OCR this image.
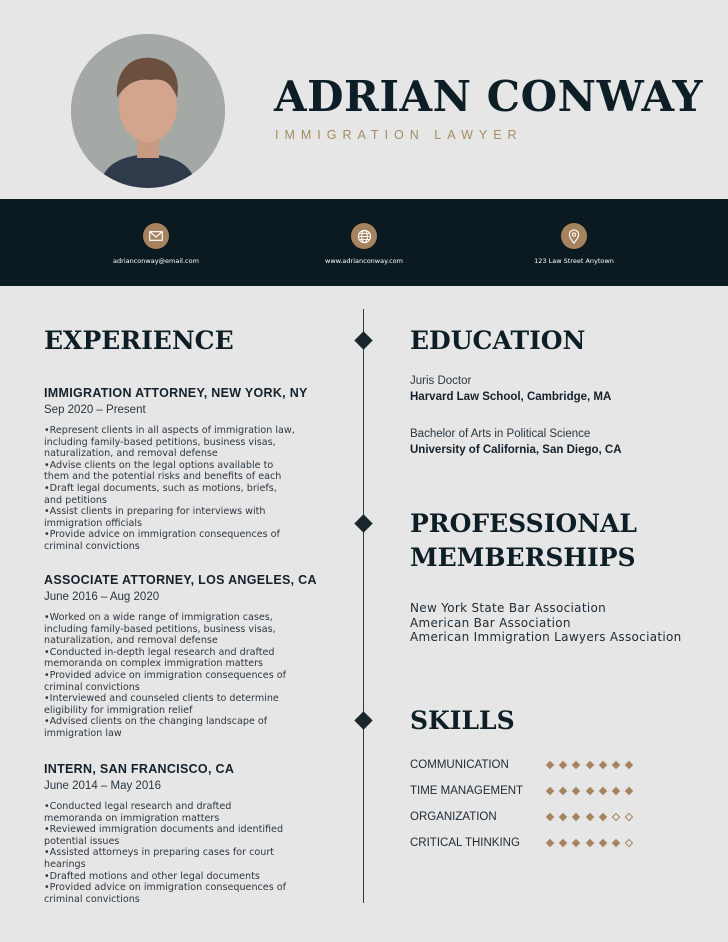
ADRIAN CONWAY
IMMIGRATION LAWYER
adrianconway@email.com	www.adrianconway.com	123 Law Street Anytown
EXPERIENCE
IMMIGRATION ATTORNEY, NEW YORK, NY
Sep 2020 – Present
•Represent clients in all aspects of immigration law,
including family-based petitions, business visas,
naturalization, and removal defense
•Advise clients on the legal options available to
them and the potential risks and benefits of each
•Draft legal documents, such as motions, briefs,
and petitions
•Assist clients in preparing for interviews with
immigration officials
•Provide advice on immigration consequences of
criminal convictions
ASSOCIATE ATTORNEY, LOS ANGELES, CA
June 2016 – Aug 2020
•Worked on a wide range of immigration cases,
including family-based petitions, business visas,
naturalization, and removal defense
•Conducted in-depth legal research and drafted
memoranda on complex immigration matters
•Provided advice on immigration consequences of
criminal convictions
•Interviewed and counseled clients to determine
eligibility for immigration relief
•Advised clients on the changing landscape of
immigration law
INTERN, SAN FRANCISCO, CA
June 2014 – May 2016
•Conducted legal research and drafted
memoranda on immigration matters
•Reviewed immigration documents and identified
potential issues
•Assisted attorneys in preparing cases for court
hearings
•Drafted motions and other legal documents
•Provided advice on immigration consequences of
criminal convictions
EDUCATION
Juris Doctor
Harvard Law School, Cambridge, MA
Bachelor of Arts in Political Science
University of California, San Diego, CA
PROFESSIONAL
MEMBERSHIPS
New York State Bar Association
American Bar Association
American Immigration Lawyers Association
SKILLS
COMMUNICATION
TIME MANAGEMENT
ORGANIZATION
CRITICAL THINKING
